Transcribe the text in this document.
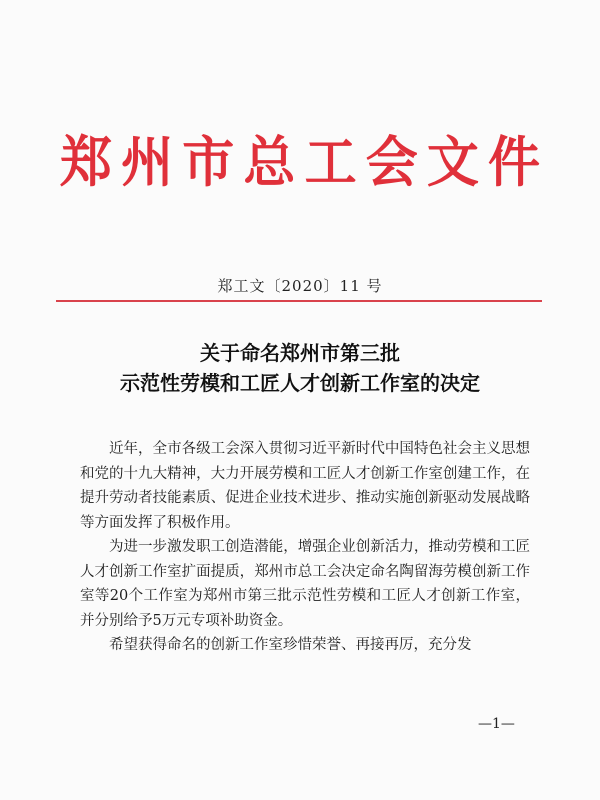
郑 州 市 总 工 会 文 件
郑工文〔2020〕11 号
关于命名郑州市第三批
示范性劳模和工匠人才创新工作室的决定

近年，全市各级工会深入贯彻习近平新时代中国特色社会主义思想和党的十九大精神，大力开展劳模和工匠人才创新工作室创建工作，在提升劳动者技能素质、促进企业技术进步、推动实施创新驱动发展战略等方面发挥了积极作用。

为进一步激发职工创造潜能，增强企业创新活力，推动劳模和工匠人才创新工作室扩面提质，郑州市总工会决定命名陶留海劳模创新工作室等20个工作室为郑州市第三批示范性劳模和工匠人才创新工作室，并分别给予5万元专项补助资金。

希望获得命名的创新工作室珍惜荣誉、再接再厉，充分发

—1—
